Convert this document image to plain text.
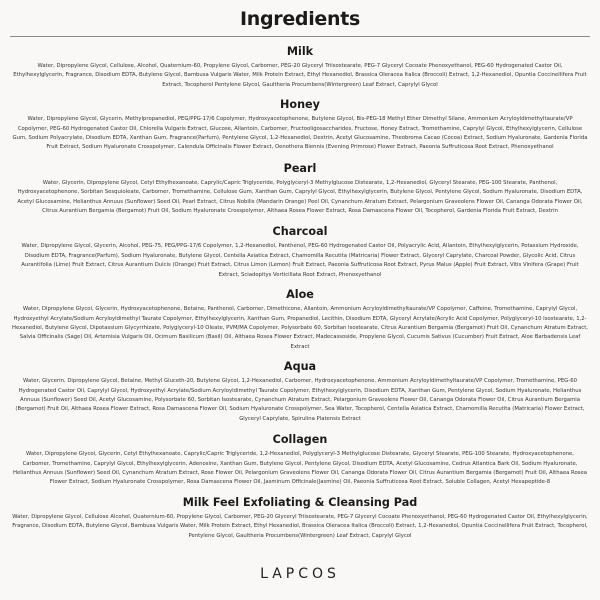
Ingredients
Milk

Water, Dipropylene Glycol, Cellulose, Alcohol, Quaternium-60, Propylene Glycol, Carbomer, PEG-20 Glyceryl Triisostearate, PEG-7 Glyceryl Cocoate Phenoxyethanol, PEG-60 Hydrogenated Castor Oil, Ethylhexylglycerin, Fragrance, Disodium EDTA, Butylene Glycol, Bambusa Vulgaris Water, Milk Protein Extract, Ethyl Hexanediol, Brassica Oleracea Italica (Broccoli) Extract, 1,2-Hexanediol, Opuntia Coccinellifera Fruit Extract, Tocopherol Pentylene Glycol, Gaultheria Procumbens(Wintergreen) Leaf Extract, Caprylyl Glycol

Honey

Water, Dipropylene Glycol, Glycerin, Methylpropanediol, PEG/PPG-17/6 Copolymer, Hydroxyacetophenone, Butylene Glycol, Bis-PEG-18 Methyl Ether Dimethyl Silane, Ammonium Acryloyldimethyltaurate/VP Copolymer, PEG-60 Hydrogenated Castor Oil, Chlorella Vulgaris Extract, Glucose, Allantoin, Carbomer, Fructooligosaccharides, Fructose, Honey Extract, Tromethamine, Caprylyl Glycol, Ethylhexylglycerin, Cellulose Gum, Sodium Polyacrylate, Disodium EDTA, Xanthan Gum, Fragrance(Parfum), Pentylene Glycol, 1,2-Hexanediol, Dextrin, Acetyl Glucosamine, Theobroma Cacao (Cocoa) Extract, Sodium Hyaluronate, Gardenia Florida Fruit Extract, Sodium Hyaluronate Crosspolymer, Calendula Officinalis Flower Extract, Oenothera Biennis (Evening Primrose) Flower Extract, Paeonia Suffruticosa Root Extract, Phenoxyethanol

Pearl

Water, Glycerin, Dipropylene Glycol, Cetyl Ethylhexanoate, Caprylic/Capric Triglyceride, Polyglyceryl-3 Methylglucose Distearate, 1,2-Hexanediol, Glyceryl Stearate, PEG-100 Stearate, Panthenol, Hydroxyacetophenone, Sorbitan Sesquioleate, Carbomer, Tromethamine, Cellulose Gum, Xanthan Gum, Caprylyl Glycol, Ethylhexylglycerin, Butylene Glycol, Pentylene Glycol, Sodium Hyaluronate, Disodium EDTA, Acetyl Glucosamine, Helianthus Annuus (Sunflower) Seed Oil, Pearl Extract, Citrus Nobilis (Mandarin Orange) Peel Oil, Cynanchum Atratum Extract, Pelargonium Graveolens Flower Oil, Cananga Odorata Flower Oil, Citrus Aurantium Bergamia (Bergamot) Fruit Oil, Sodium Hyaluronate Crosspolymer, Althaea Rosea Flower Extract, Rosa Damascena Flower Oil, Tocopherol, Gardenia Florida Fruit Extract, Dextrin

Charcoal

Water, Dipropylene Glycol, Glycerin, Alcohol, PEG-75, PEG/PPG-17/6 Copolymer, 1,2-Hexanediol, Panthenol, PEG-60 Hydrogenated Castor Oil, Polyacrylic Acid, Allantoin, Ethylhexylglycerin, Potassium Hydroxide, Disodium EDTA, Fragrance(Parfum), Sodium Hyaluronate, Butylene Glycol, Centella Asiatica Extract, Chamomilla Recutita (Matricaria) Flower Extract, Glyceryl Caprylate, Charcoal Powder, Glycolic Acid, Citrus Aurantifolia (Lime) Fruit Extract, Citrus Aurantium Dulcis (Orange) Fruit Extract, Citrus Limon (Lemon) Fruit Extract, Paeonia Suffruticosa Root Extract, Pyrus Malus (Apple) Fruit Extract, Vitis Vinifera (Grape) Fruit Extract, Sciadopitys Verticillata Root Extract, Phenoxyethanol

Aloe

Water, Dipropylene Glycol, Glycerin, Hydroxyacetophenone, Betaine, Panthenol, Carbomer, Dimethicone, Allantoin, Ammonium Acryloyldimethyltaurate/VP Copolymer, Caffeine, Tromethamine, Caprylyl Glycol, Hydroxyethyl Acrylate/Sodium Acryloyldimethyl Taurate Copolymer, Ethylhexylglycerin, Xanthan Gum, Propanediol, Lecithin, Disodium EDTA, Glyceryl Acrylate/Acrylic Acid Copolymer, Polyglyceryl-10 Isostearate, 1,2-Hexanediol, Butylene Glycol, Dipotassium Glycyrrhizate, Polyglyceryl-10 Oleate, PVM/MA Copolymer, Polysorbate 60, Sorbitan Isostearate, Citrus Aurantium Bergamia (Bergamot) Fruit Oil, Cynanchum Atratum Extract, Salvia Officinalis (Sage) Oil, Artemisia Vulgaris Oil, Ocimum Basilicum (Basil) Oil, Althaea Rosea Flower Extract, Madecassoside, Propylene Glycol, Cucumis Sativus (Cucumber) Fruit Extract, Aloe Barbadensis Leaf Extract

Aqua

Water, Glycerin, Dipropylene Glycol, Betaine, Methyl Gluceth-20, Butylene Glycol, 1,2-Hexanediol, Carbomer, Hydroxyacetophenone, Ammonium Acryloyldimethyltaurate/VP Copolymer, Tromethamine, PEG-60 Hydrogenated Castor Oil, Caprylyl Glycol, Hydroxyethyl Acrylate/Sodium Acryloyldimethyl Taurate Copolymer, Ethylhexylglycerin, Disodium EDTA, Xanthan Gum, Pentylene Glycol, Sodium Hyaluronate, Helianthus Annuus (Sunflower) Seed Oil, Acetyl Glucosamine, Polysorbate 60, Sorbitan Isostearate, Cynanchum Atratum Extract, Pelargonium Graveolens Flower Oil, Cananga Odorata Flower Oil, Citrus Aurantium Bergamia (Bergamot) Fruit Oil, Althaea Rosea Flower Extract, Rosa Damascena Flower Oil, Sodium Hyaluronate Crosspolymer, Sea Water, Tocopherol, Centella Asiatica Extract, Chamomilla Recutita (Matricaria) Flower Extract, Glyceryl Caprylate, Spirulina Platensis Extract

Collagen

Water, Dipropylene Glycol, Glycerin, Cetyl Ethylhexanoate, Caprylic/Capric Triglyceride, 1,2-Hexanediol, Polyglyceryl-3 Methylglucose Distearate, Glyceryl Stearate, PEG-100 Stearate, Hydroxyacetophenone, Carbomer, Tromethamine, Caprylyl Glycol, Ethylhexylglycerin, Adenosine, Xanthan Gum, Butylene Glycol, Pentylene Glycol, Disodium EDTA, Acetyl Glucosamine, Cedrus Atlantica Bark Oil, Sodium Hyaluronate, Helianthus Annuus (Sunflower) Seed Oil, Cynanchum Atratum Extract, Rose Flower Oil, Pelargonium Graveolens Flower Oil, Cananga Odorata Flower Oil, Citrus Aurantium Bergamia (Bergamot) Fruit Oil, Althaea Rosea Flower Extract, Sodium Hyaluronate Crosspolymer, Rosa Damascena Flower Oil, Jasminum Officinale(Jasmine) Oil, Paeonia Suffruticosa Root Extract, Soluble Collagen, Acetyl Hexapeptide-8

Milk Feel Exfoliating & Cleansing Pad

Water, Dipropylene Glycol, Cellulose Alcohol, Quaternium-60, Propylene Glycol, Carbomer, PEG-20 Glyceryl Triisostearate, PEG-7 Glyceryl Cocoate Phenoxyethanol, PEG-60 Hydrogenated Castor Oil, Ethylhexylglycerin, Fragrance, Disodium EDTA, Butylene Glycol, Bambusa Vulgaris Water, Milk Protein Extract, Ethyl Hexanediol, Brassica Oleracea Italica (Broccoli) Extract, 1,2-Hexanediol, Opuntia Coccinellifera Fruit Extract, Tocopherol, Pentylene Glycol, Gaultheria Procumbens(Wintergreen) Leaf Extract, Caprylyl Glycol

LAPCOS
